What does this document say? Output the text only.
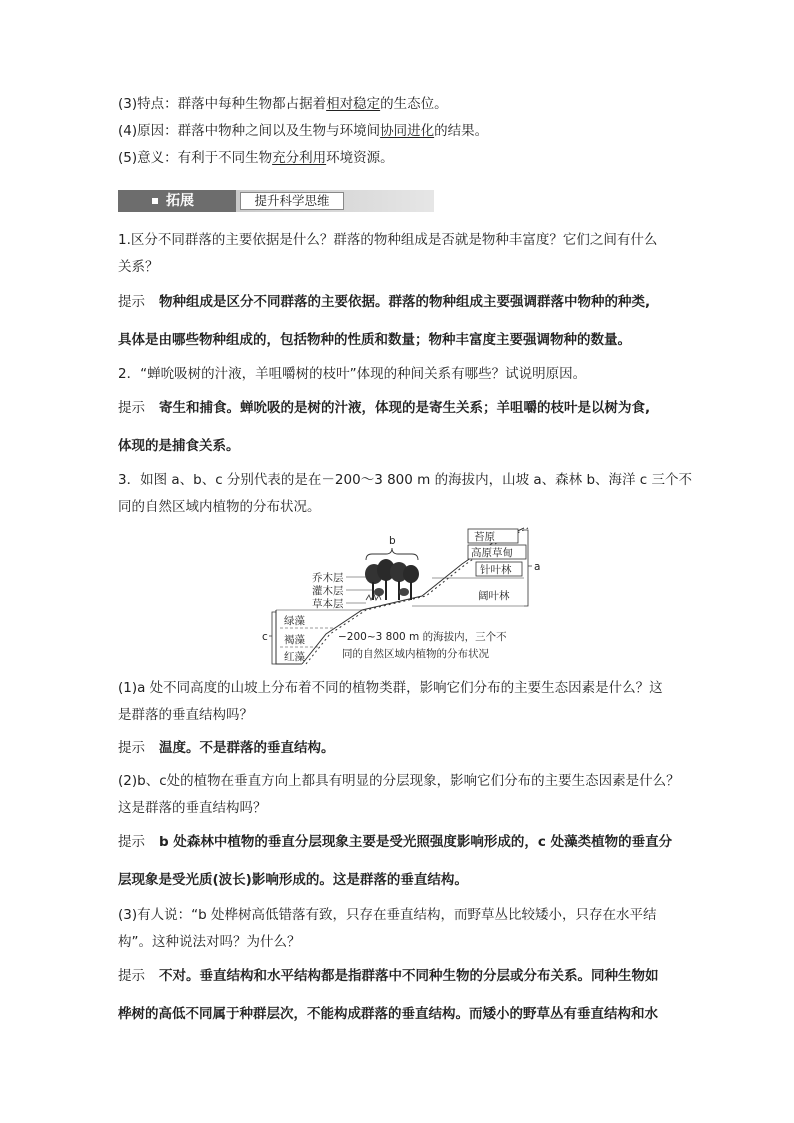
(3)特点：群落中每种生物都占据着相对稳定的生态位。
(4)原因：群落中物种之间以及生物与环境间协同进化的结果。
(5)意义：有利于不同生物充分利用环境资源。
拓展	提升科学思维
1.区分不同群落的主要依据是什么？群落的物种组成是否就是物种丰富度？它们之间有什么
关系？
提示 物种组成是区分不同群落的主要依据。群落的物种组成主要强调群落中物种的种类,
具体是由哪些物种组成的，包括物种的性质和数量；物种丰富度主要强调物种的数量。
2．“蝉吮吸树的汁液，羊咀嚼树的枝叶”体现的种间关系有哪些？试说明原因。
提示 寄生和捕食。蝉吮吸的是树的汁液，体现的是寄生关系；羊咀嚼的枝叶是以树为食,
体现的是捕食关系。
3．如图 a、b、c 分别代表的是在－200～3 800 m 的海拔内，山坡 a、森林 b、海洋 c 三个不
同的自然区域内植物的分布状况。
苔原
高原草甸
针叶林
阔叶林
a
b
乔木层
灌木层
草本层
绿藻
褐藻
红藻
c	−200~3 800 m 的海拔内，三个不
同的自然区域内植物的分布状况
(1)a 处不同高度的山坡上分布着不同的植物类群，影响它们分布的主要生态因素是什么？这
是群落的垂直结构吗？
提示 温度。不是群落的垂直结构。
(2)b、c处的植物在垂直方向上都具有明显的分层现象，影响它们分布的主要生态因素是什么？
这是群落的垂直结构吗？
提示 b 处森林中植物的垂直分层现象主要是受光照强度影响形成的，c 处藻类植物的垂直分
层现象是受光质(波长)影响形成的。这是群落的垂直结构。
(3)有人说：“b 处桦树高低错落有致，只存在垂直结构，而野草丛比较矮小，只存在水平结
构”。这种说法对吗？为什么？
提示 不对。垂直结构和水平结构都是指群落中不同种生物的分层或分布关系。同种生物如
桦树的高低不同属于种群层次，不能构成群落的垂直结构。而矮小的野草丛有垂直结构和水
